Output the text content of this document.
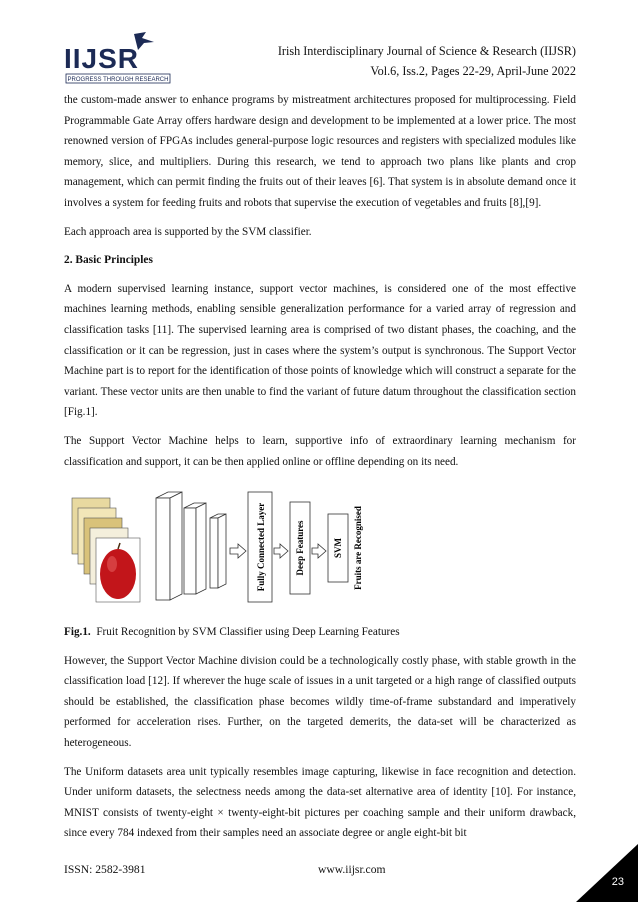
IIJSR
PROGRESS THROUGH RESEARCH
Irish Interdisciplinary Journal of Science & Research (IIJSR)
Vol.6, Iss.2, Pages 22-29, April-June 2022

the custom-made answer to enhance programs by mistreatment architectures proposed for multiprocessing. Field Programmable Gate Array offers hardware design and development to be implemented at a lower price. The most renowned version of FPGAs includes general-purpose logic resources and registers with specialized modules like memory, slice, and multipliers. During this research, we tend to approach two plans like plants and crop management, which can permit finding the fruits out of their leaves [6]. That system is in absolute demand once it involves a system for feeding fruits and robots that supervise the execution of vegetables and fruits [8],[9].

Each approach area is supported by the SVM classifier.

2. Basic Principles

A modern supervised learning instance, support vector machines, is considered one of the most effective machines learning methods, enabling sensible generalization performance for a varied array of regression and classification tasks [11]. The supervised learning area is comprised of two distant phases, the coaching, and the classification or it can be regression, just in cases where the system’s output is synchronous. The Support Vector Machine part is to report for the identification of those points of knowledge which will construct a separate for the variant. These vector units are then unable to find the variant of future datum throughout the classification section [Fig.1].

The Support Vector Machine helps to learn, supportive info of extraordinary learning mechanism for classification and support, it can be then applied online or offline depending on its need.

Fully Connected Layer	Deep Features	SVM Fruits are Recognised

Fig.1. Fruit Recognition by SVM Classifier using Deep Learning Features

However, the Support Vector Machine division could be a technologically costly phase, with stable growth in the classification load [12]. If wherever the huge scale of issues in a unit targeted or a high range of classified outputs should be established, the classification phase becomes wildly time-of-frame substandard and imperatively performed for acceleration rises. Further, on the targeted demerits, the data-set will be characterized as heterogeneous.

The Uniform datasets area unit typically resembles image capturing, likewise in face recognition and detection. Under uniform datasets, the selectness needs among the data-set alternative area of identity [10]. For instance, MNIST consists of twenty-eight × twenty-eight-bit pictures per coaching sample and their uniform drawback, since every 784 indexed from their samples need an associate degree or angle eight-bit bit

ISSN: 2582-3981	www.iijsr.com
23
